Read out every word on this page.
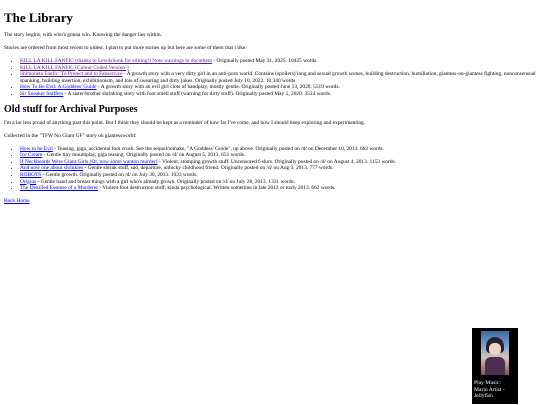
The Library

The story begins, with who's gonna win. Knowing the danger lies within.

Stories are ordered from most recent to oldest. I plan to put more stories up but here are some of them that i like:

• KILL LA KILL FANFIC (thanks to LewdsSonk for editing!) Note warnings in document - Originally posted May 31, 2025. 10425 words.
• KILL LA KILL FANFIC (Colour Coded Version!)
• Shimoneta Fanfic: To Protect and to Fanservice - A growth story with a very dirty girl in an anti-porn world. Contains (spoilers) long and sexual growth scenes, building destruction, humiliation, giantess-on-giantess fighting, nonconsensual spanking, building insertion, exhibitionism, and lois of swearing and dirty jokes. Originally posted July 10, 2022. 10,340 words.
• How To Be Evil: A Goddess' Guide - A growth story with an evil girl clots of handplay, mostly gentle. Originally posted June 13, 2020. 5519 words.
• Sir Sneaker Sniffers - A sister/brother shrinking story with foot smell stuff (warning for dirty stuff). Originally posted May 1, 2020. 3524 words.
Old stuff for Archival Purposes

I'm a lot less proud of anything past this point. But I think they should be kept as a reminder of how far I've come, and how I should keep exploring and experimenting.

Collected in the "TFW No Giant GF" story on giantessworld:

• How to be Evil - Teasing, giga, accidental foot crush. See the sequel/remake, "A Goddess' Guide", up above. Originally posted on /d/ on December 10, 2013. 662 words.
• Ice Cream - Gentle tiny mouthplay, giga teasing. Originally posted on /d/ on August 5, 2013. 651 words.
• If Neckbeards Were Giant Girls (Or, now some wanton murder) - Violent, stomping growth stuff. Uncensored f-slurs. Originally posted on /d/ on August 4, 2013. 1153 words.
• And now one about shrinkies - Gentle shrink stuff, sad, departure, unlucky childhood friend. Originally posted on /d/ on Aug 3, 2013. 777 words.
• ROBOTS - Gentle growth. Originally posted on /d/ on July 30, 2013. 1033 words.
• Origins - Gentle hand and breast things with a girl who's already grown. Originally posted on /d/ on July 28, 2013. 1331 words.
• The Distilled Essense of a Murderer - Violent foot destruction stuff, kinda psychological. Written sometime in late 2012 or early 2013. 662 words.
Back Home
Play Music:
Mario Artist - Jellyfish
